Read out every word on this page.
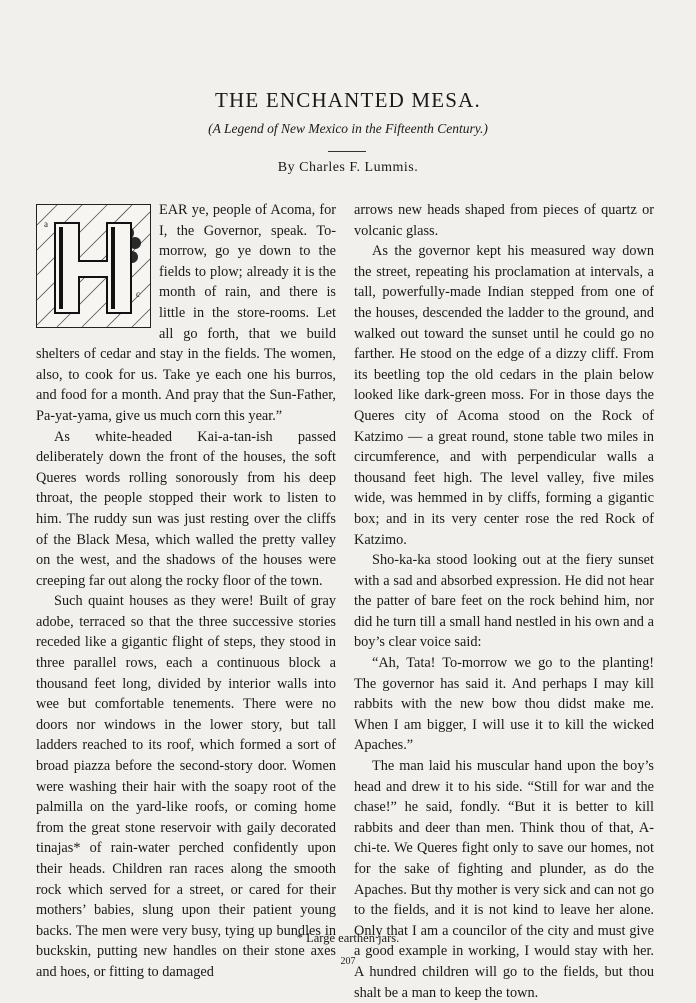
THE ENCHANTED MESA.
(A Legend of New Mexico in the Fifteenth Century.)
By Charles F. Lummis.
a
c

EAR ye, people of Acoma, for I, the Governor, speak. To-morrow, go ye down to the fields to plow; already it is the month of rain, and there is little in the store-rooms. Let all go forth, that we build shelters of cedar and stay in the fields. The women, also, to cook for us. Take ye each one his burros, and food for a month. And pray that the Sun-Father, Pa-yat-yama, give us much corn this year.”

As white-headed Kai-a-tan-ish passed deliberately down the front of the houses, the soft Queres words rolling sonorously from his deep throat, the people stopped their work to listen to him. The ruddy sun was just resting over the cliffs of the Black Mesa, which walled the pretty valley on the west, and the shadows of the houses were creeping far out along the rocky floor of the town.

Such quaint houses as they were! Built of gray adobe, terraced so that the three successive stories receded like a gigantic flight of steps, they stood in three parallel rows, each a continuous block a thousand feet long, divided by interior walls into wee but comfortable tenements. There were no doors nor windows in the lower story, but tall ladders reached to its roof, which formed a sort of broad piazza before the second-story door. Women were washing their hair with the soapy root of the palmilla on the yard-like roofs, or coming home from the great stone reservoir with gaily decorated tinajas* of rain-water perched confidently upon their heads. Children ran races along the smooth rock which served for a street, or cared for their mothers’ babies, slung upon their patient young backs. The men were very busy, tying up bundles in buckskin, putting new handles on their stone axes and hoes, or fitting to damaged

arrows new heads shaped from pieces of quartz or volcanic glass.

As the governor kept his measured way down the street, repeating his proclamation at intervals, a tall, powerfully-made Indian stepped from one of the houses, descended the ladder to the ground, and walked out toward the sunset until he could go no farther. He stood on the edge of a dizzy cliff. From its beetling top the old cedars in the plain below looked like dark-green moss. For in those days the Queres city of Acoma stood on the Rock of Katzimo — a great round, stone table two miles in circumference, and with perpendicular walls a thousand feet high. The level valley, five miles wide, was hemmed in by cliffs, forming a gigantic box; and in its very center rose the red Rock of Katzimo.

Sho-ka-ka stood looking out at the fiery sunset with a sad and absorbed expression. He did not hear the patter of bare feet on the rock behind him, nor did he turn till a small hand nestled in his own and a boy’s clear voice said:

“Ah, Tata! To-morrow we go to the planting! The governor has said it. And perhaps I may kill rabbits with the new bow thou didst make me. When I am bigger, I will use it to kill the wicked Apaches.”

The man laid his muscular hand upon the boy’s head and drew it to his side. “Still for war and the chase!” he said, fondly. “But it is better to kill rabbits and deer than men. Think thou of that, A-chi-te. We Queres fight only to save our homes, not for the sake of fighting and plunder, as do the Apaches. But thy mother is very sick and can not go to the fields, and it is not kind to leave her alone. Only that I am a councilor of the city and must give a good example in working, I would stay with her. A hundred children will go to the fields, but thou shalt be a man to keep the town.

* Large earthen jars.
207
